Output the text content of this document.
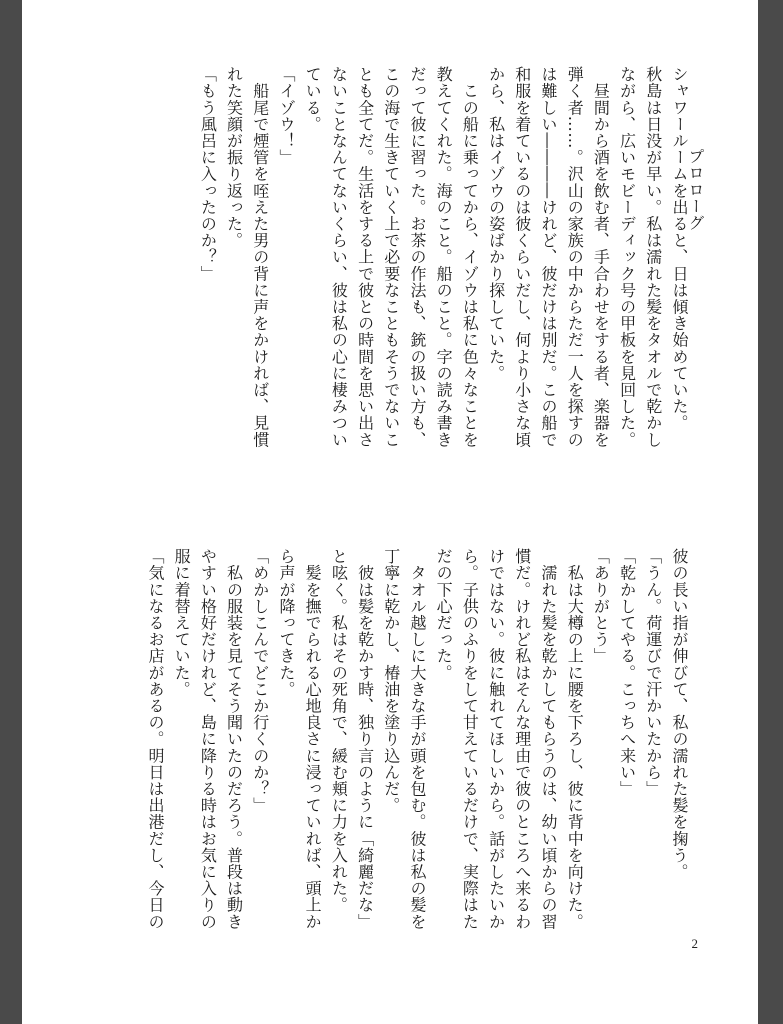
プロローグ
シャワールームを出ると、日は傾き始めていた。
秋島は日没が早い。私は濡れた髪をタオルで乾かし
ながら、広いモビーディック号の甲板を見回した。
　昼間から酒を飲む者、手合わせをする者、楽器を
弾く者……。沢山の家族の中からただ一人を探すの
は難しい――――けれど、彼だけは別だ。この船で
和服を着ているのは彼くらいだし、何より小さな頃
から、私はイゾウの姿ばかり探していた。
　この船に乗ってから、イゾウは私に色々なことを
教えてくれた。海のこと。船のこと。字の読み書き
だって彼に習った。お茶の作法も、銃の扱い方も、
この海で生きていく上で必要なこともそうでないこ
とも全てだ。生活をする上で彼との時間を思い出さ
ないことなんてないくらい、彼は私の心に棲みつい
ている。
「イゾウ！」
　船尾で煙管を咥えた男の背に声をかければ、見慣
れた笑顔が振り返った。
「もう風呂に入ったのか？」
彼の長い指が伸びて、私の濡れた髪を掬う。
「うん。荷運びで汗かいたから」
「乾かしてやる。こっちへ来い」
「ありがとう」
　私は大樽の上に腰を下ろし、彼に背中を向けた。
　濡れた髪を乾かしてもらうのは、幼い頃からの習
慣だ。けれど私はそんな理由で彼のところへ来るわ
けではない。彼に触れてほしいから。話がしたいか
ら。子供のふりをして甘えているだけで、実際はた
だの下心だった。
　タオル越しに大きな手が頭を包む。彼は私の髪を
丁寧に乾かし、椿油を塗り込んだ。
　彼は髪を乾かす時、独り言のように「綺麗だな」
と呟く。私はその死角で、緩む頬に力を入れた。
　髪を撫でられる心地良さに浸っていれば、頭上か
ら声が降ってきた。
「めかしこんでどこか行くのか？」
　私の服装を見てそう聞いたのだろう。普段は動き
やすい格好だけれど、島に降りる時はお気に入りの
服に着替えていた。
「気になるお店があるの。明日は出港だし、今日の
2
